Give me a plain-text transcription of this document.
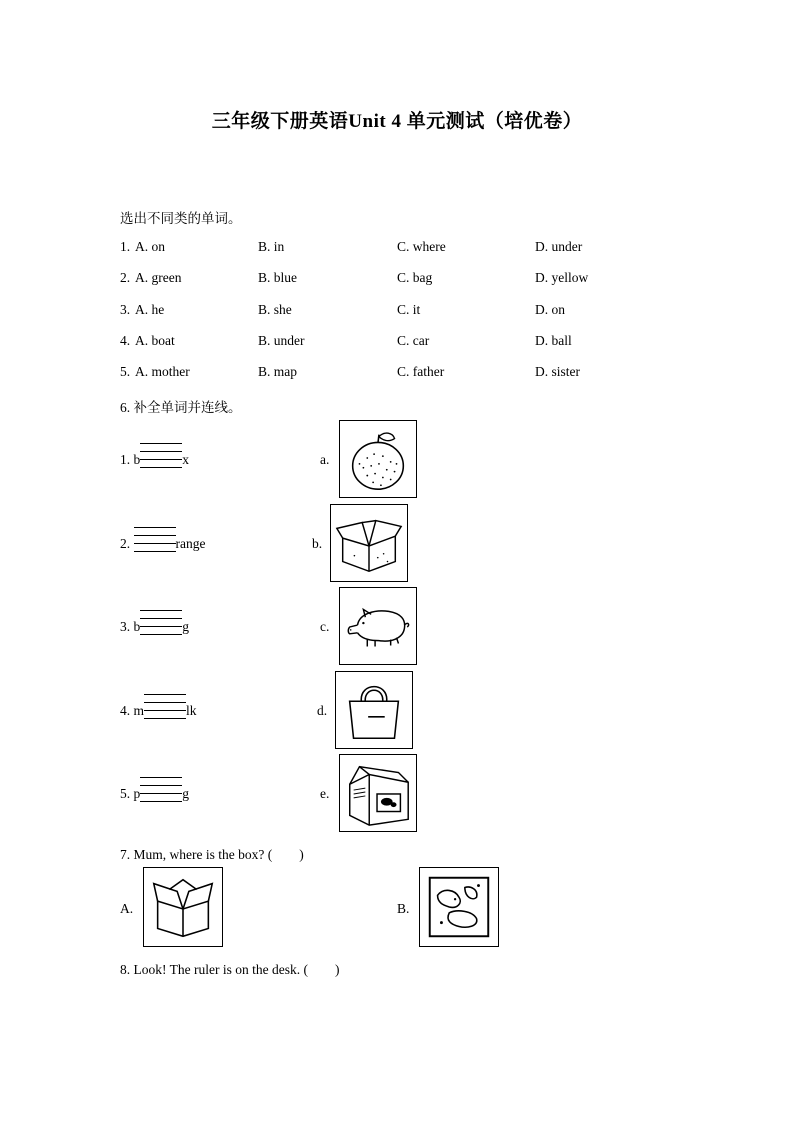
三年级下册英语Unit 4 单元测试（培优卷）
选出不同类的单词。
1. A. on	B. in	C. where	D. under
2. A. green	B. blue	C. bag	D. yellow
3. A. he	B. she	C. it	D. on
4. A. boat	B. under	C. car	D. ball
5. A. mother	B. map	C. father	D. sister
6. 补全单词并连线。
1. b	x	a.
2.	range	b.
3. b	g	c.
4. m	lk	d.
5. p	g	e.
7. Mum, where is the box? (　　)
A.	B.
8. Look! The ruler is on the desk. (　　)
